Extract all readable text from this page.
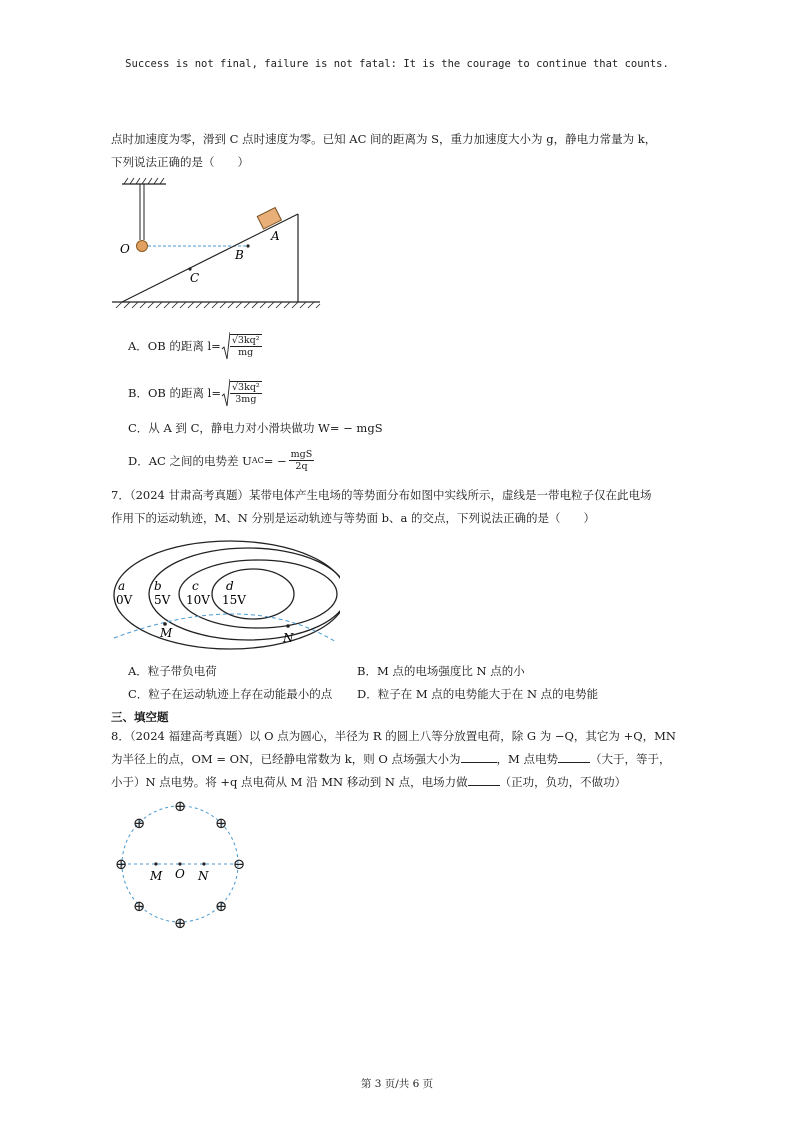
Success is not final, failure is not fatal: It is the courage to continue that counts.
点时加速度为零，滑到 C 点时速度为零。已知 AC 间的距离为 S，重力加速度大小为 g，静电力常量为 k，
下列说法正确的是（　　）
O
A
B
C
A．OB 的距离 $l= \frac{\text{√3kq²}}{mg}$
B．OB 的距离 $l= \frac{\text{√3kq²}}{3mg}$
C．从 A 到 C，静电力对小滑块做功 W= − mgS
D．AC 之间的电势差 U AC = − $\frac{\text{mgS}}{2q}$
7．（2024 甘肃高考真题）某带电体产生电场的等势面分布如图中实线所示，虚线是一带电粒子仅在此电场
作用下的运动轨迹，M、N 分别是运动轨迹与等势面 b、a 的交点，下列说法正确的是（　　）
a
0V
b
5V
c
10V
d
15V
M	N
A．粒子带负电荷	B．M 点的电场强度比 N 点的小
C．粒子在运动轨迹上存在动能最小的点 D．粒子在 M 点的电势能大于在 N 点的电势能
三、填空题
8．（2024 福建高考真题）以 O 点为圆心，半径为 R 的圆上八等分放置电荷，除 G 为 −Q，其它为 +Q，MN
为半径上的点，OM = ON，已经静电常数为 k，则 O 点场强大小为	，M 点电势	（大于，等于，
小于）N 点电势。将 +q 点电荷从 M 沿 MN 移动到 N 点，电场力做	（正功，负功，不做功）
⊕
⊕
⊕
⊕	⊖
⊕	⊕
⊕
M O N
第 3 页/共 6 页
